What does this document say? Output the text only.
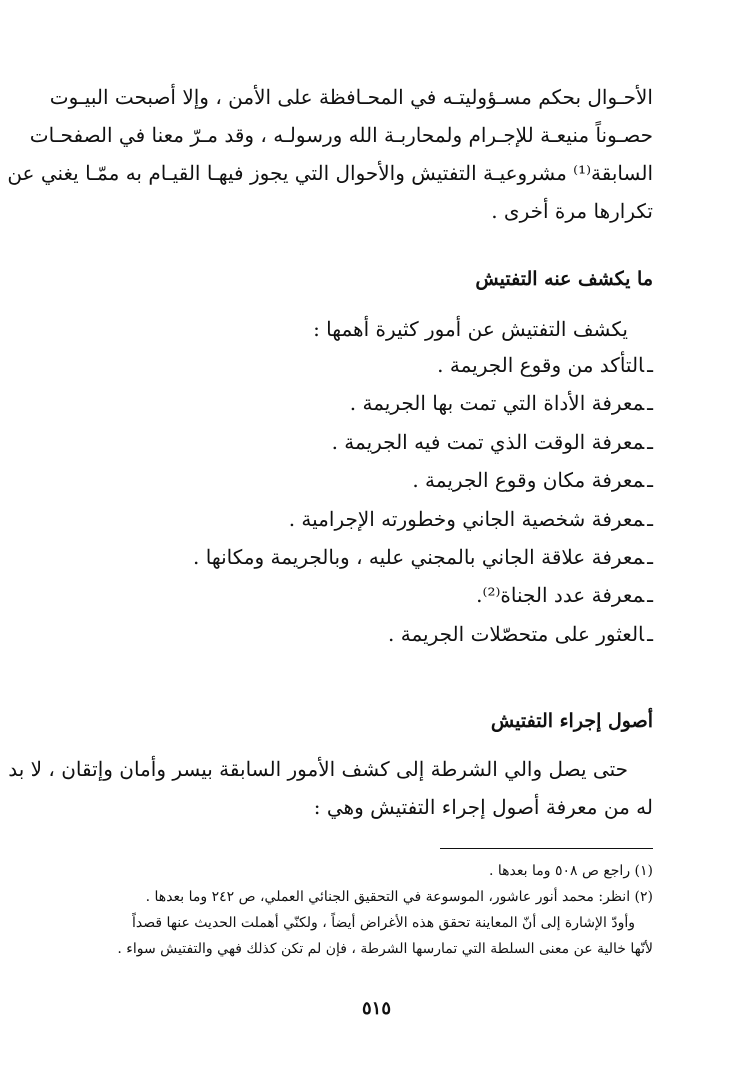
الأحـوال بحكم مسـؤوليتـه في المحـافظة على الأمن ، وإلا أصبحت البيـوت
حصـوناً منيعـة للإجـرام ولمحاربـة الله ورسولـه ، وقد مـرّ معنا في الصفحـات
السابقة⁽¹⁾ مشروعيـة التفتيش والأحوال التي يجوز فيهـا القيـام به ممّـا يغني عن
تكرارها مرة أخرى .
ما يكشف عنه التفتيش
يكشف التفتيش عن أمور كثيرة أهمها :
ـالتأكد من وقوع الجريمة .
ـمعرفة الأداة التي تمت بها الجريمة .
ـمعرفة الوقت الذي تمت فيه الجريمة .
ـمعرفة مكان وقوع الجريمة .
ـمعرفة شخصية الجاني وخطورته الإجرامية .
ـمعرفة علاقة الجاني بالمجني عليه ، وبالجريمة ومكانها .
ـمعرفة عدد الجناة⁽²⁾.
ـالعثور على متحصّلات الجريمة .
أصول إجراء التفتيش
حتى يصل والي الشرطة إلى كشف الأمور السابقة بيسر وأمان وإتقان ، لا بد
له من معرفة أصول إجراء التفتيش وهي :
(١) راجع ص ٥٠٨ وما بعدها .
(٢) انظر: محمد أنور عاشور، الموسوعة في التحقيق الجنائي العملي، ص ٢٤٢ وما بعدها .
وأودّ الإشارة إلى أنّ المعاينة تحقق هذه الأغراض أيضاً ، ولكنّي أهملت الحديث عنها قصداً
لأنّها خالية عن معنى السلطة التي تمارسها الشرطة ، فإن لم تكن كذلك فهي والتفتيش سواء .
٥١٥
